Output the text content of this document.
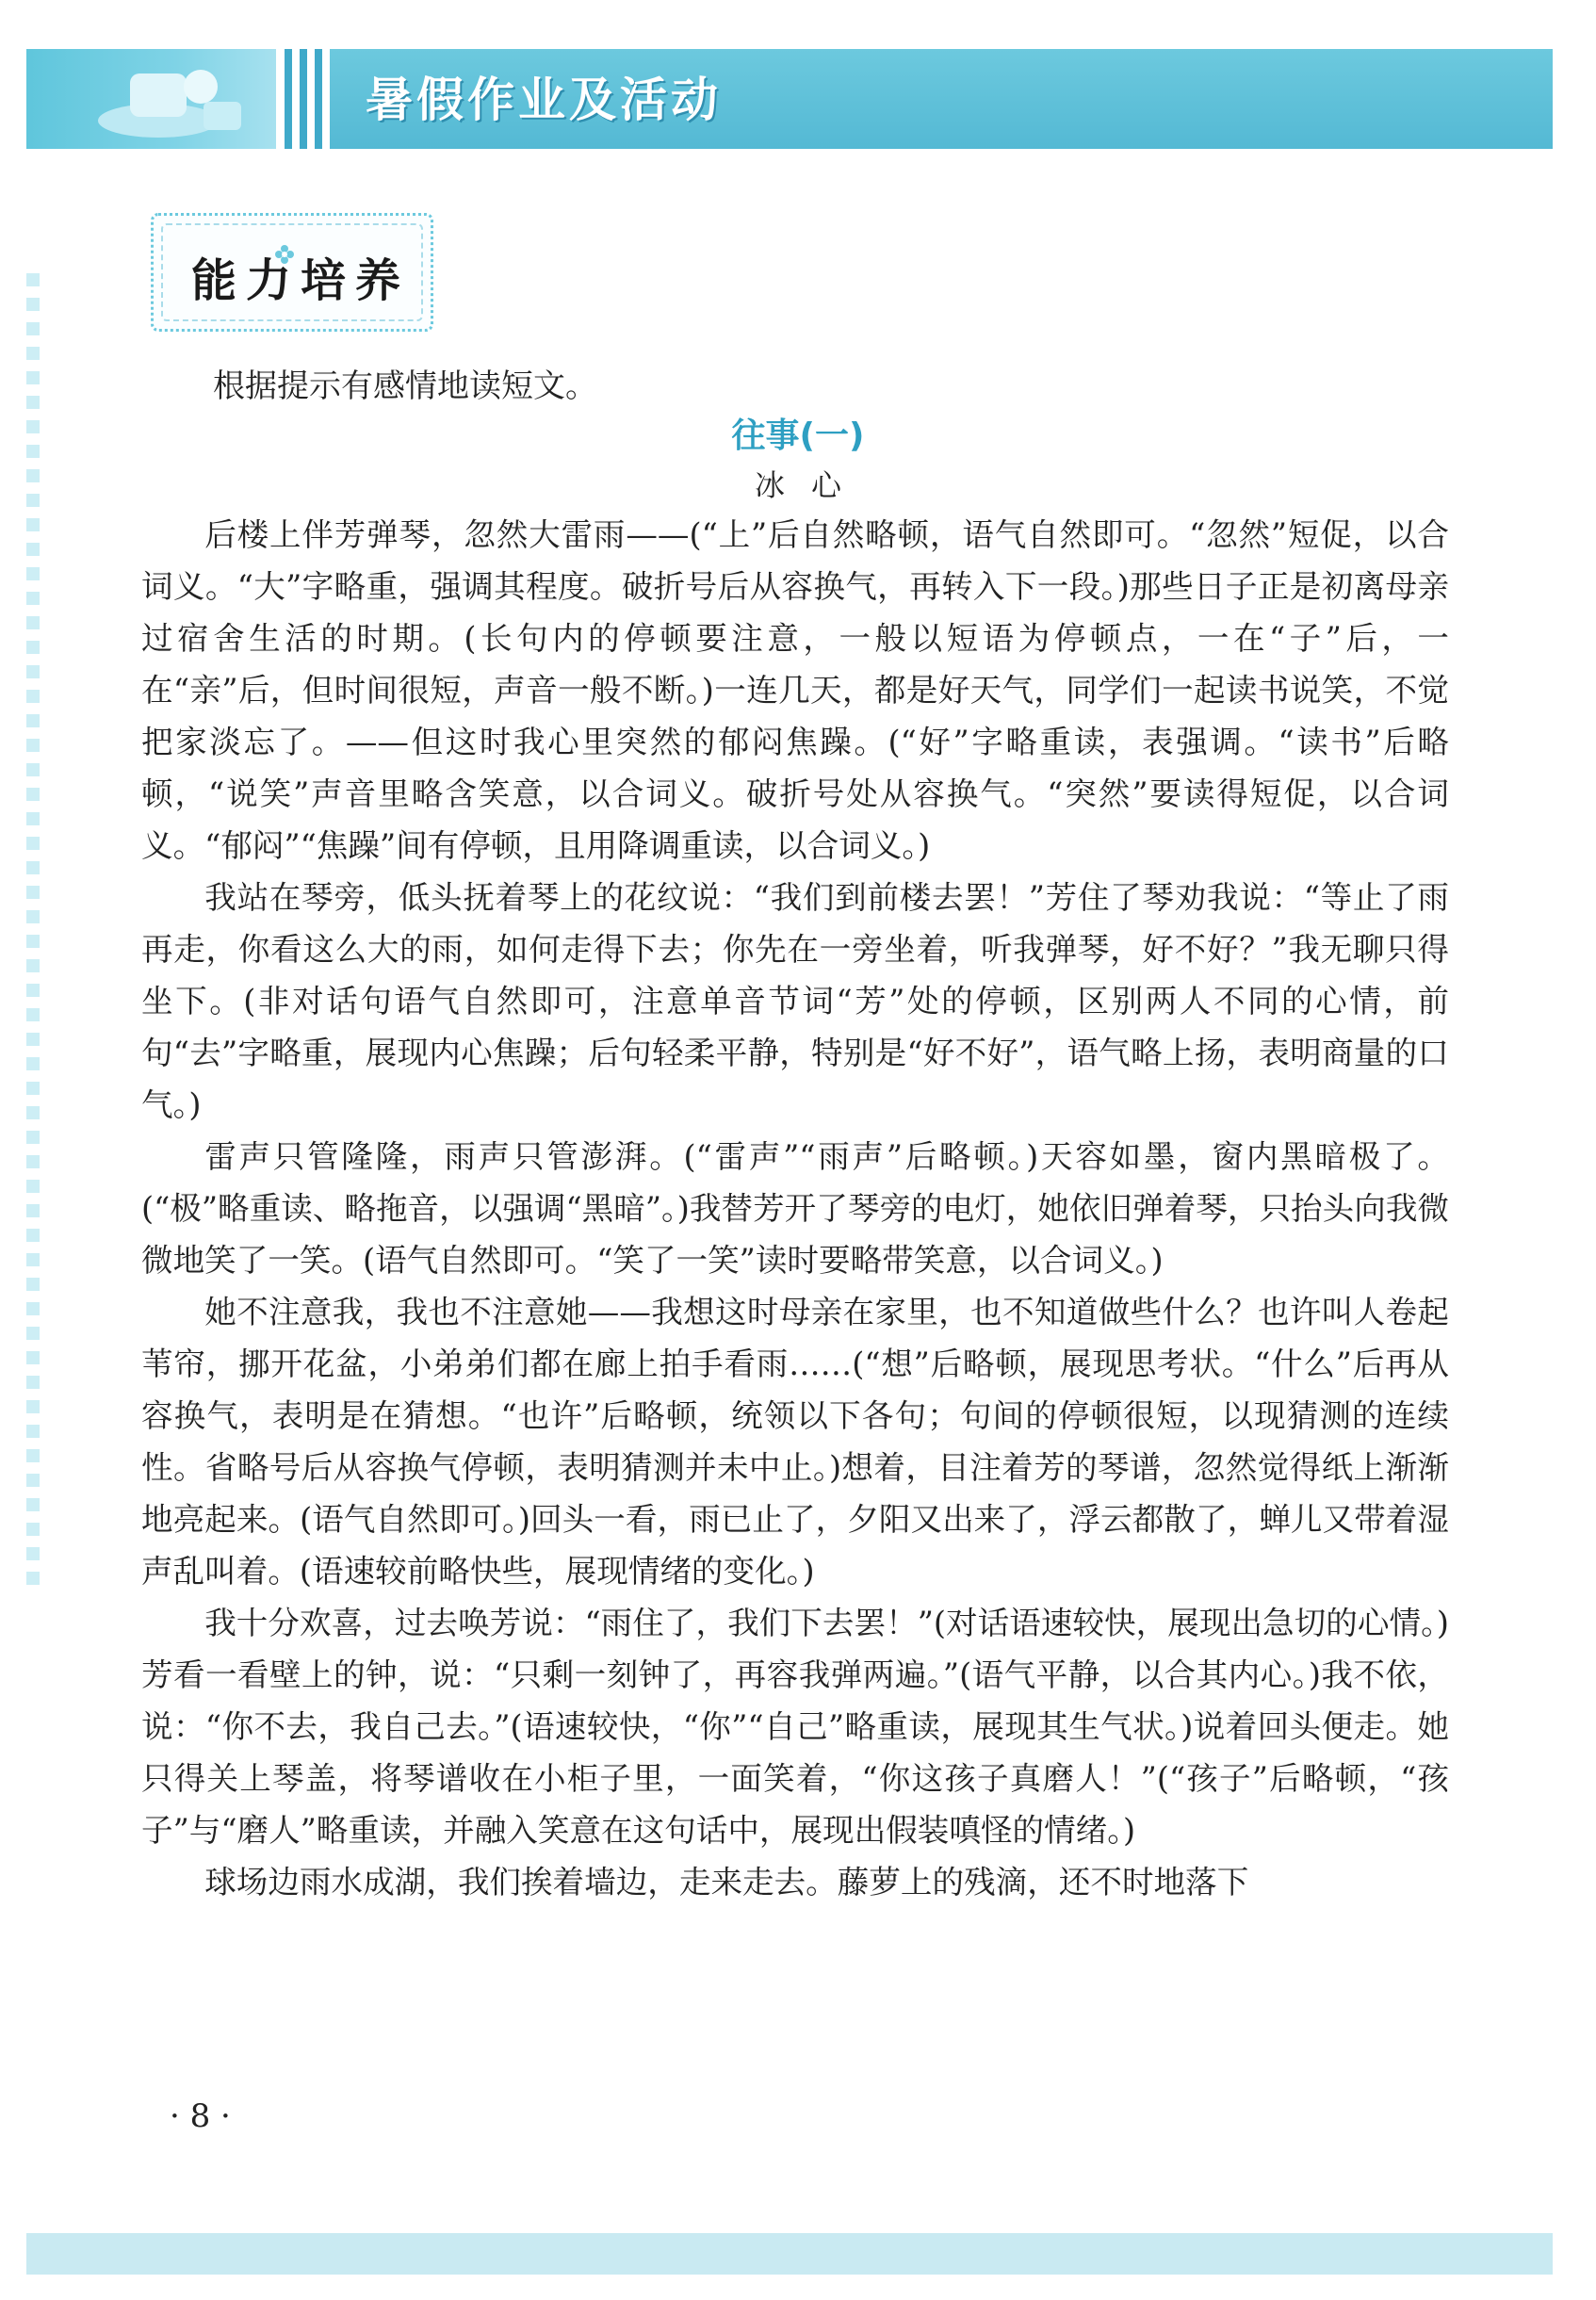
暑假作业及活动
能力培养
根据提示有感情地读短文。
往事(一)
冰心

后楼上伴芳弹琴，忽然大雷雨——(“上”后自然略顿，语气自然即可。“忽然”短促，以合词义。“大”字略重，强调其程度。破折号后从容换气，再转入下一段。)那些日子正是初离母亲过宿舍生活的时期。(长句内的停顿要注意，一般以短语为停顿点，一在“子”后，一在“亲”后，但时间很短，声音一般不断。)一连几天，都是好天气，同学们一起读书说笑，不觉把家淡忘了。——但这时我心里突然的郁闷焦躁。(“好”字略重读，表强调。“读书”后略顿，“说笑”声音里略含笑意，以合词义。破折号处从容换气。“突然”要读得短促，以合词义。“郁闷”“焦躁”间有停顿，且用降调重读，以合词义。)

我站在琴旁，低头抚着琴上的花纹说：“我们到前楼去罢！”芳住了琴劝我说：“等止了雨再走，你看这么大的雨，如何走得下去；你先在一旁坐着，听我弹琴，好不好？”我无聊只得坐下。(非对话句语气自然即可，注意单音节词“芳”处的停顿，区别两人不同的心情，前句“去”字略重，展现内心焦躁；后句轻柔平静，特别是“好不好”，语气略上扬，表明商量的口气。)

雷声只管隆隆，雨声只管澎湃。(“雷声”“雨声”后略顿。)天容如墨，窗内黑暗极了。(“极”略重读、略拖音，以强调“黑暗”。)我替芳开了琴旁的电灯，她依旧弹着琴，只抬头向我微微地笑了一笑。(语气自然即可。“笑了一笑”读时要略带笑意，以合词义。)

她不注意我，我也不注意她——我想这时母亲在家里，也不知道做些什么？也许叫人卷起苇帘，挪开花盆，小弟弟们都在廊上拍手看雨……(“想”后略顿，展现思考状。“什么”后再从容换气，表明是在猜想。“也许”后略顿，统领以下各句；句间的停顿很短，以现猜测的连续性。省略号后从容换气停顿，表明猜测并未中止。)想着，目注着芳的琴谱，忽然觉得纸上渐渐地亮起来。(语气自然即可。)回头一看，雨已止了，夕阳又出来了，浮云都散了，蝉儿又带着湿声乱叫着。(语速较前略快些，展现情绪的变化。)

我十分欢喜，过去唤芳说：“雨住了，我们下去罢！”(对话语速较快，展现出急切的心情。)芳看一看壁上的钟，说：“只剩一刻钟了，再容我弹两遍。”(语气平静，以合其内心。)我不依，说：“你不去，我自己去。”(语速较快，“你”“自己”略重读，展现其生气状。)说着回头便走。她只得关上琴盖，将琴谱收在小柜子里，一面笑着，“你这孩子真磨人！”(“孩子”后略顿，“孩子”与“磨人”略重读，并融入笑意在这句话中，展现出假装嗔怪的情绪。)

球场边雨水成湖，我们挨着墙边，走来走去。藤萝上的残滴，还不时地落下

· 8 ·
